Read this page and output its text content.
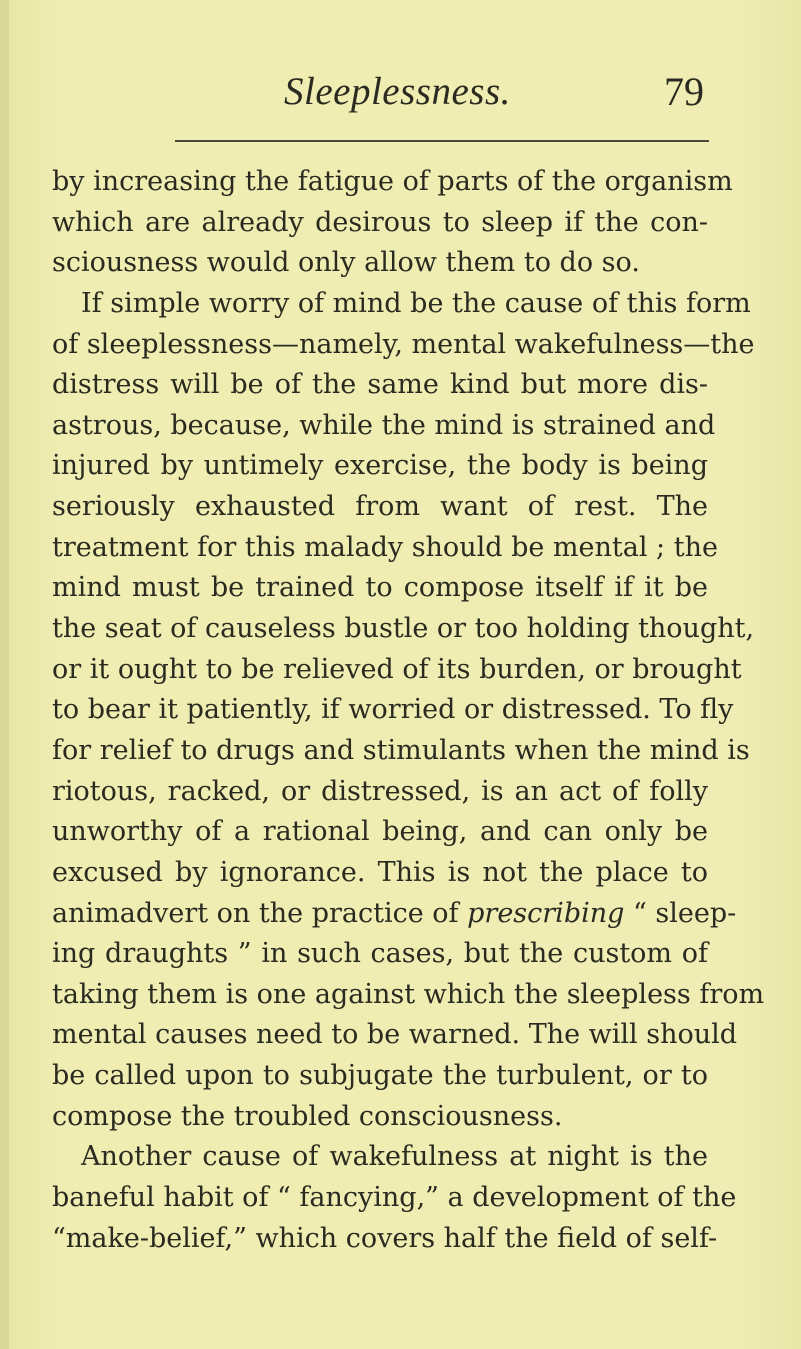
Sleeplessness.	79
by increasing the fatigue of parts of the organism
which are already desirous to sleep if the con-
sciousness would only allow them to do so.
If simple worry of mind be the cause of this form
of sleeplessness—namely, mental wakefulness—the
distress will be of the same kind but more dis-
astrous, because, while the mind is strained and
injured by untimely exercise, the body is being
seriously exhausted from want of rest. The
treatment for this malady should be mental ; the
mind must be trained to compose itself if it be
the seat of causeless bustle or too holding thought,
or it ought to be relieved of its burden, or brought
to bear it patiently, if worried or distressed. To fly
for relief to drugs and stimulants when the mind is
riotous, racked, or distressed, is an act of folly
unworthy of a rational being, and can only be
excused by ignorance. This is not the place to
animadvert on the practice of prescribing “ sleep-
ing draughts ” in such cases, but the custom of
taking them is one against which the sleepless from
mental causes need to be warned. The will should
be called upon to subjugate the turbulent, or to
compose the troubled consciousness.
Another cause of wakefulness at night is the
baneful habit of “ fancying,” a development of the
“make-belief,” which covers half the field of self-
